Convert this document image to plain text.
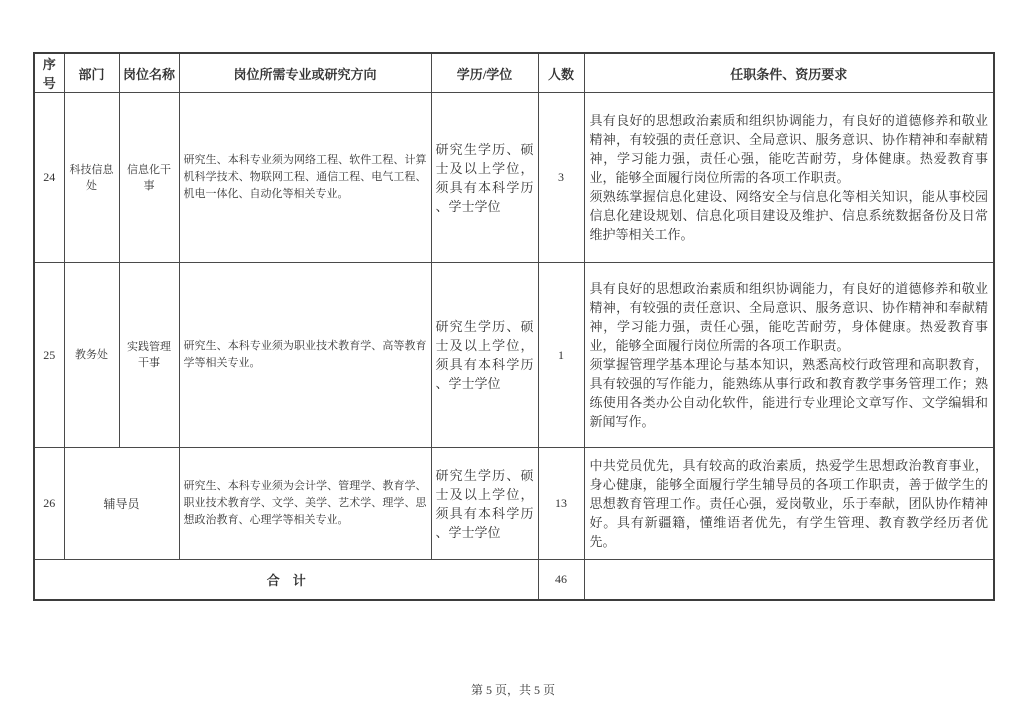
序号	部门	岗位名称	岗位所需专业或研究方向	学历/学位	人数	任职条件、资历要求
24	科技信息处	信息化干事	研究生、本科专业须为网络工程、软件工程、计算机科学技术、物联网工程、通信工程、电气工程、机电一体化、自动化等相关专业。	研究生学历、硕士及以上学位，须具有本科学历、学士学位	3	具有良好的思想政治素质和组织协调能力，有良好的道德修养和敬业精神，有较强的责任意识、全局意识、服务意识、协作精神和奉献精神，学习能力强，责任心强，能吃苦耐劳，身体健康。热爱教育事业，能够全面履行岗位所需的各项工作职责。

须熟练掌握信息化建设、网络安全与信息化等相关知识，能从事校园信息化建设规划、信息化项目建设及维护、信息系统数据备份及日常维护等相关工作。

25	教务处	实践管理干事	研究生、本科专业须为职业技术教育学、高等教育学等相关专业。	研究生学历、硕士及以上学位，须具有本科学历、学士学位	1	具有良好的思想政治素质和组织协调能力，有良好的道德修养和敬业精神，有较强的责任意识、全局意识、服务意识、协作精神和奉献精神，学习能力强，责任心强，能吃苦耐劳，身体健康。热爱教育事业，能够全面履行岗位所需的各项工作职责。

须掌握管理学基本理论与基本知识，熟悉高校行政管理和高职教育，具有较强的写作能力，能熟练从事行政和教育教学事务管理工作；熟练使用各类办公自动化软件，能进行专业理论文章写作、文学编辑和新闻写作。

26	辅导员		研究生、本科专业须为会计学、管理学、教育学、职业技术教育学、文学、美学、艺术学、理学、思想政治教育、心理学等相关专业。	研究生学历、硕士及以上学位，须具有本科学历、学士学位	13	中共党员优先，具有较高的政治素质，热爱学生思想政治教育事业，身心健康，能够全面履行学生辅导员的各项工作职责，善于做学生的思想教育管理工作。责任心强，爱岗敬业，乐于奉献，团队协作精神好。具有新疆籍，懂维语者优先，有学生管理、教育教学经历者优先。

合　计					46	
第 5 页，共 5 页
